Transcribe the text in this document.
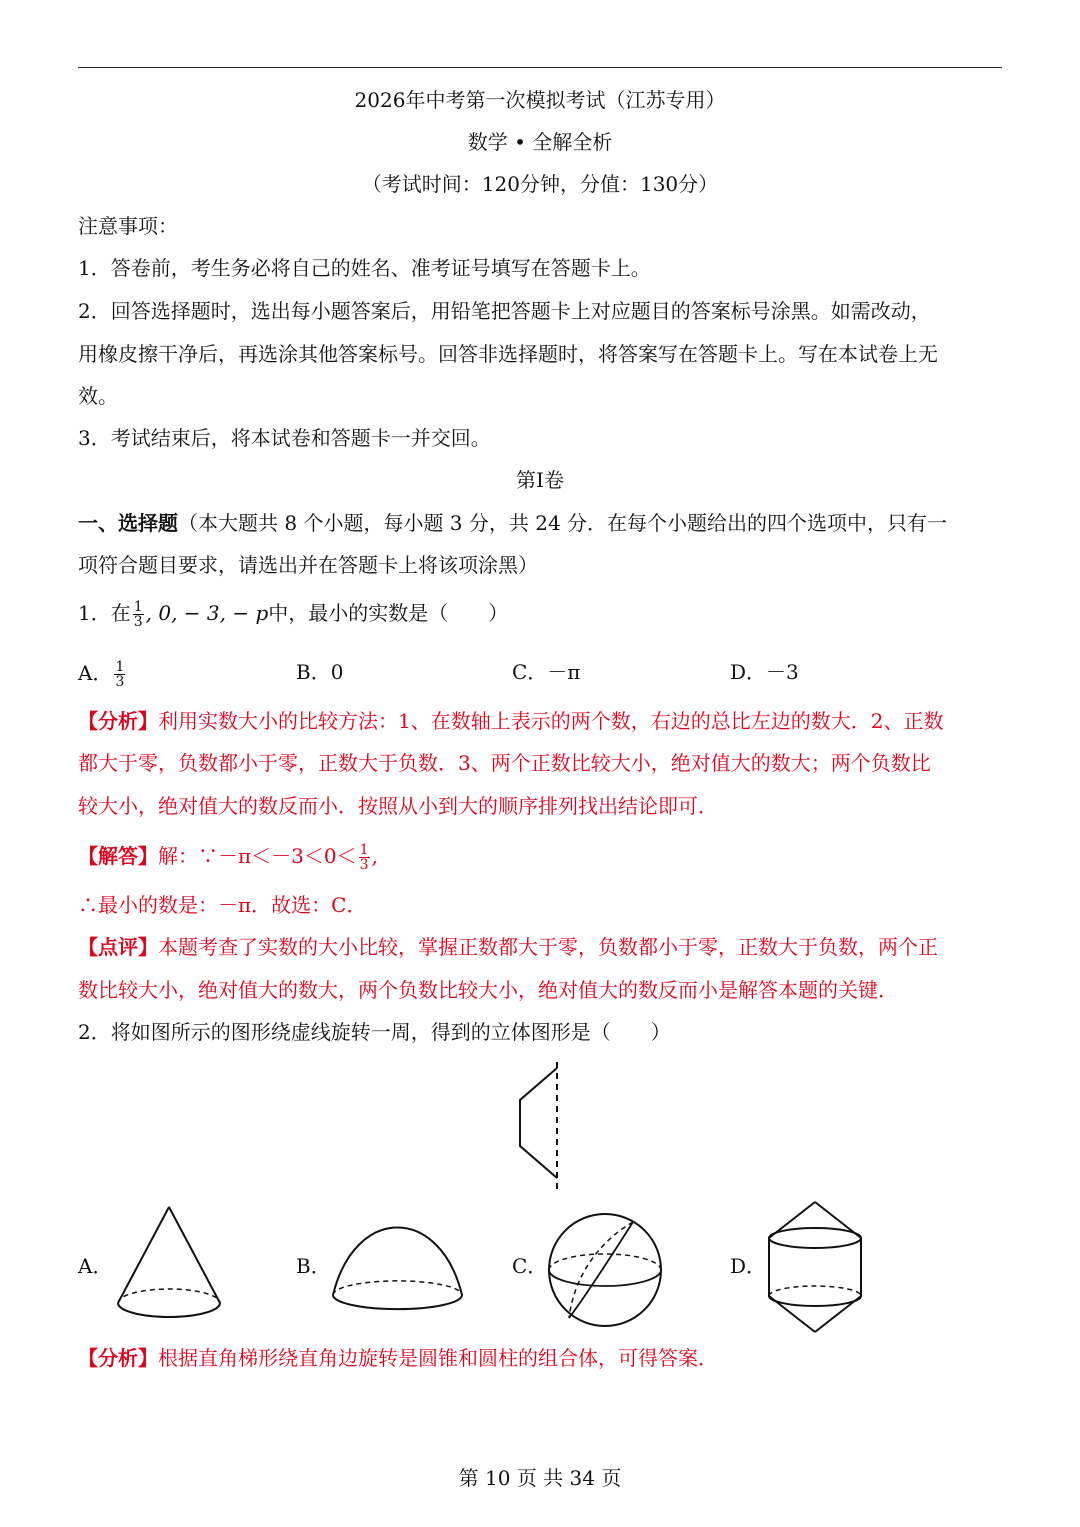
2026年中考第一次模拟考试（江苏专用）
数学 • 全解全析
（考试时间：120分钟，分值：130分）
注意事项：
1．答卷前，考生务必将自己的姓名、准考证号填写在答题卡上。
2．回答选择题时，选出每小题答案后，用铅笔把答题卡上对应题目的答案标号涂黑。如需改动，
用橡皮擦干净后，再选涂其他答案标号。回答非选择题时，将答案写在答题卡上。写在本试卷上无
效。
3．考试结束后，将本试卷和答题卡一并交回。
第Ⅰ卷
一、选择题（本大题共 8 个小题，每小题 3 分，共 24 分．在每个小题给出的四个选项中，只有一
项符合题目要求，请选出并在答题卡上将该项涂黑）
1．在 $\frac{1}{3}$ , 0, − 3, − 𝑝中，最小的实数是（　　）
A． $\frac{1}{3}$	B．0	C．－π	D．－3
【分析】利用实数大小的比较方法：1、在数轴上表示的两个数，右边的总比左边的数大．2、正数
都大于零，负数都小于零，正数大于负数．3、两个正数比较大小，绝对值大的数大；两个负数比
较大小，绝对值大的数反而小．按照从小到大的顺序排列找出结论即可．
【解答】解：∵－π＜－3＜0＜ $\frac{1}{3}$ ,
∴最小的数是：－π．故选：C．
【点评】本题考查了实数的大小比较，掌握正数都大于零，负数都小于零，正数大于负数，两个正
数比较大小，绝对值大的数大，两个负数比较大小，绝对值大的数反而小是解答本题的关键．
2．将如图所示的图形绕虚线旋转一周，得到的立体图形是（　　）
A．	B．	C．	D．
【分析】根据直角梯形绕直角边旋转是圆锥和圆柱的组合体，可得答案．
第 10 页 共 34 页
